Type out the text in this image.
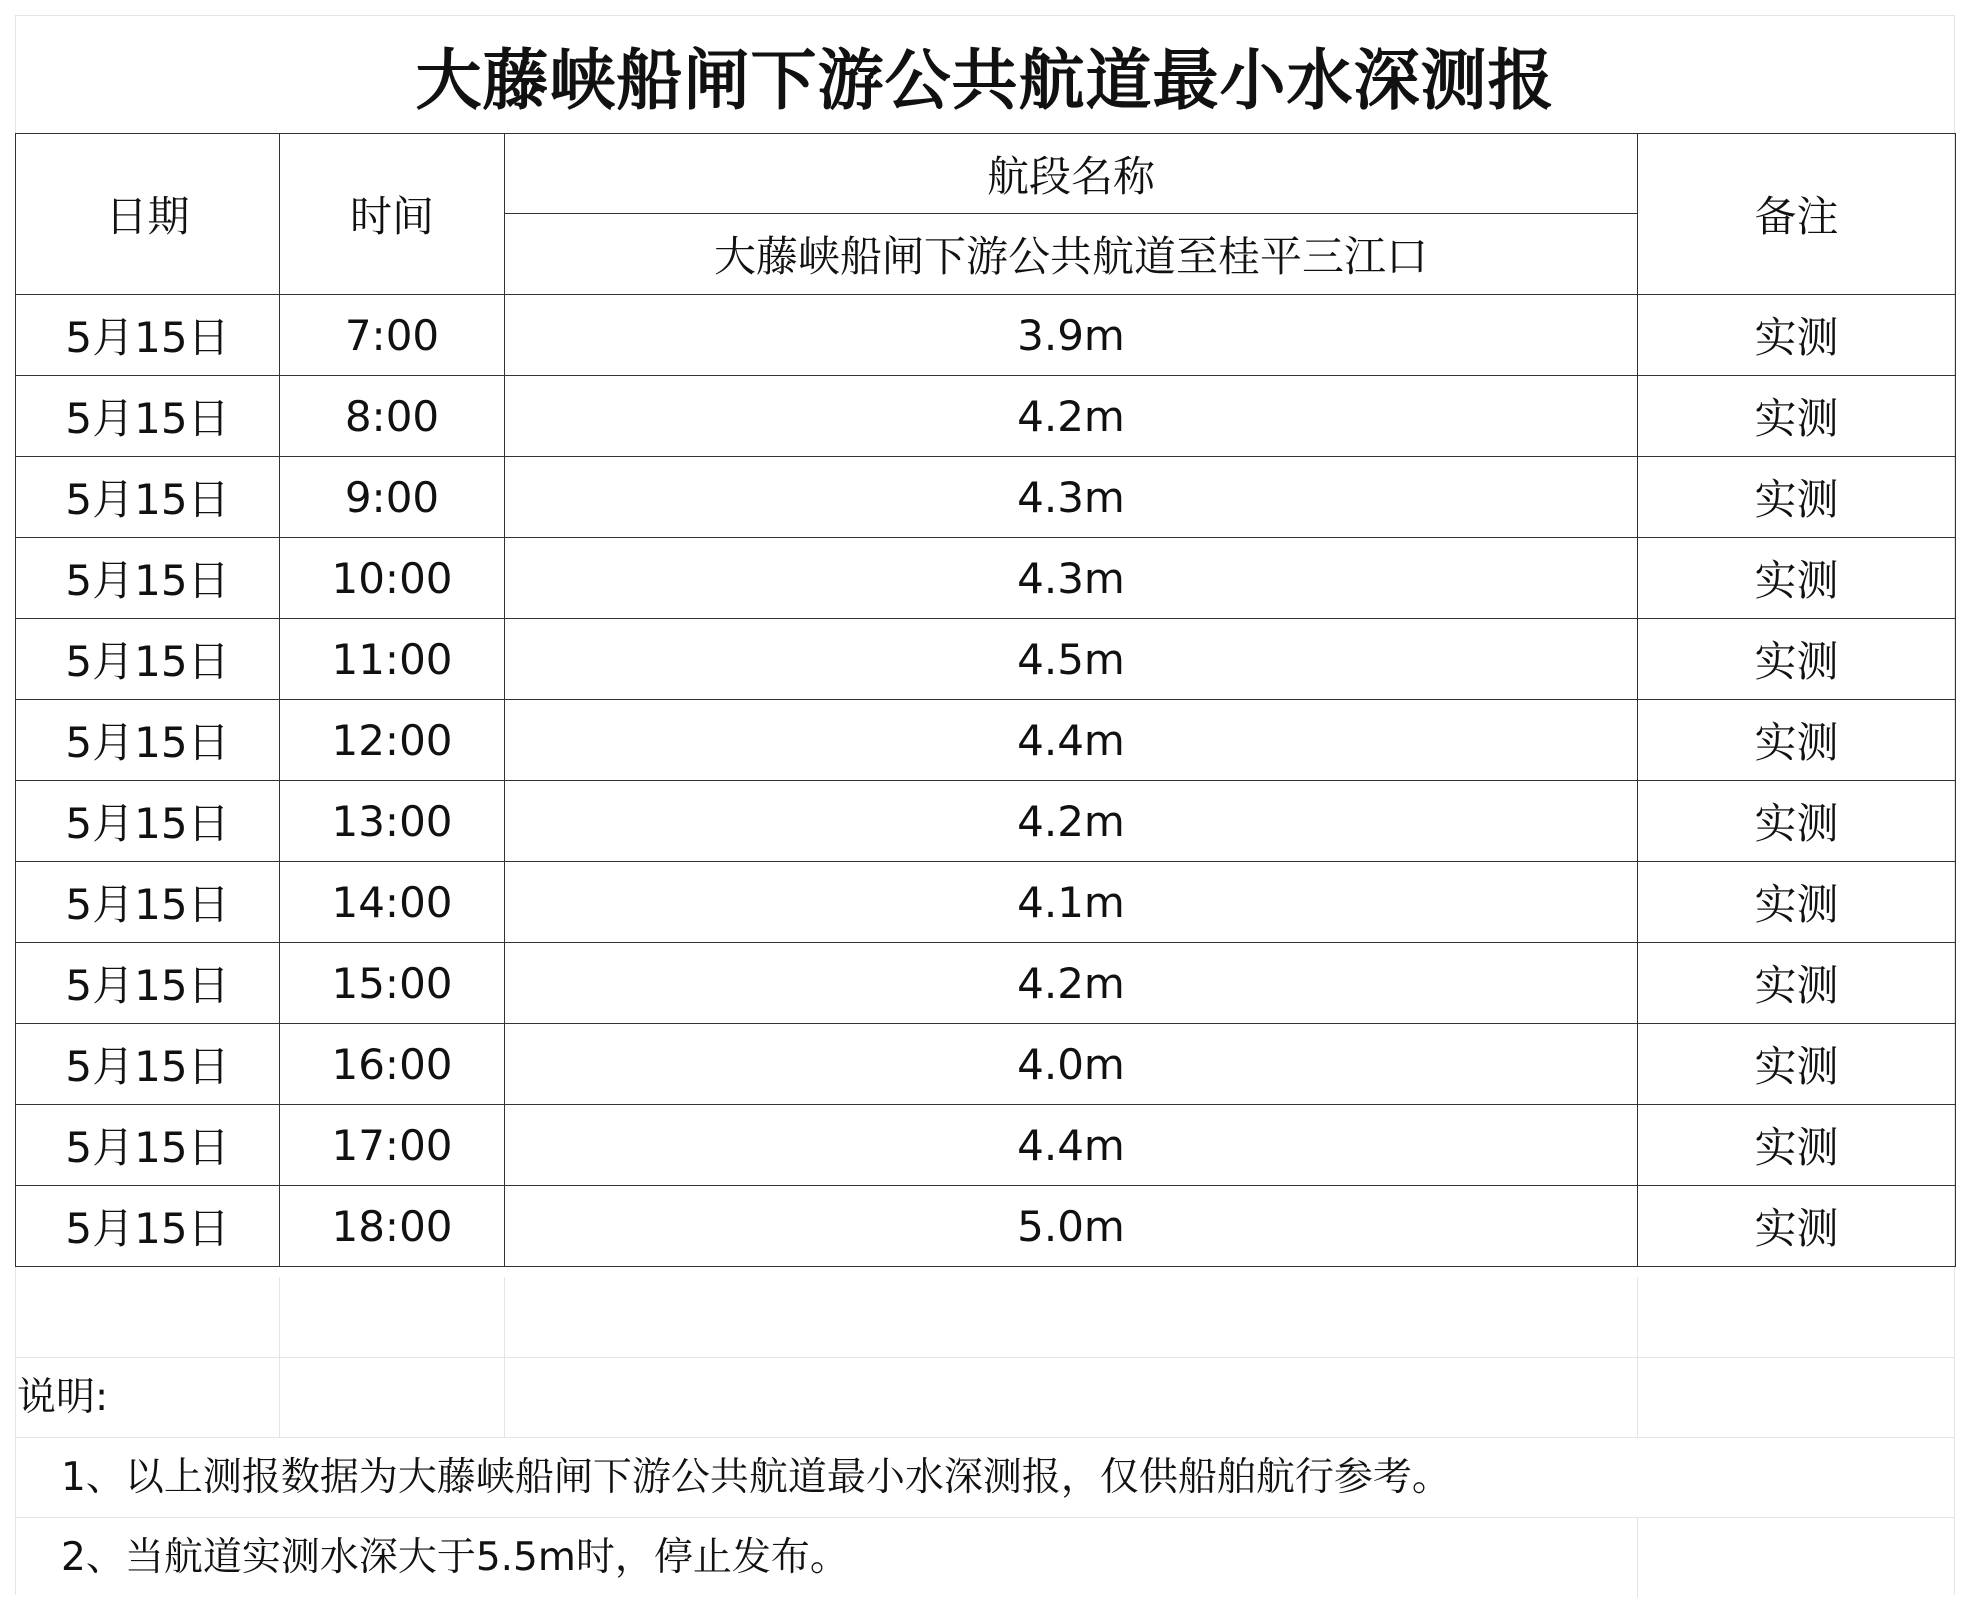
大藤峡船闸下游公共航道最小水深测报
日期	时间	航段名称	备注
		大藤峡船闸下游公共航道至桂平三江口	
5月15日	7:00	3.9m	实测
5月15日	8:00	4.2m	实测
5月15日	9:00	4.3m	实测
5月15日	10:00	4.3m	实测
5月15日	11:00	4.5m	实测
5月15日	12:00	4.4m	实测
5月15日	13:00	4.2m	实测
5月15日	14:00	4.1m	实测
5月15日	15:00	4.2m	实测
5月15日	16:00	4.0m	实测
5月15日	17:00	4.4m	实测
5月15日	18:00	5.0m	实测
说明:
1、以上测报数据为大藤峡船闸下游公共航道最小水深测报，仅供船舶航行参考。
2、当航道实测水深大于5.5m时，停止发布。
